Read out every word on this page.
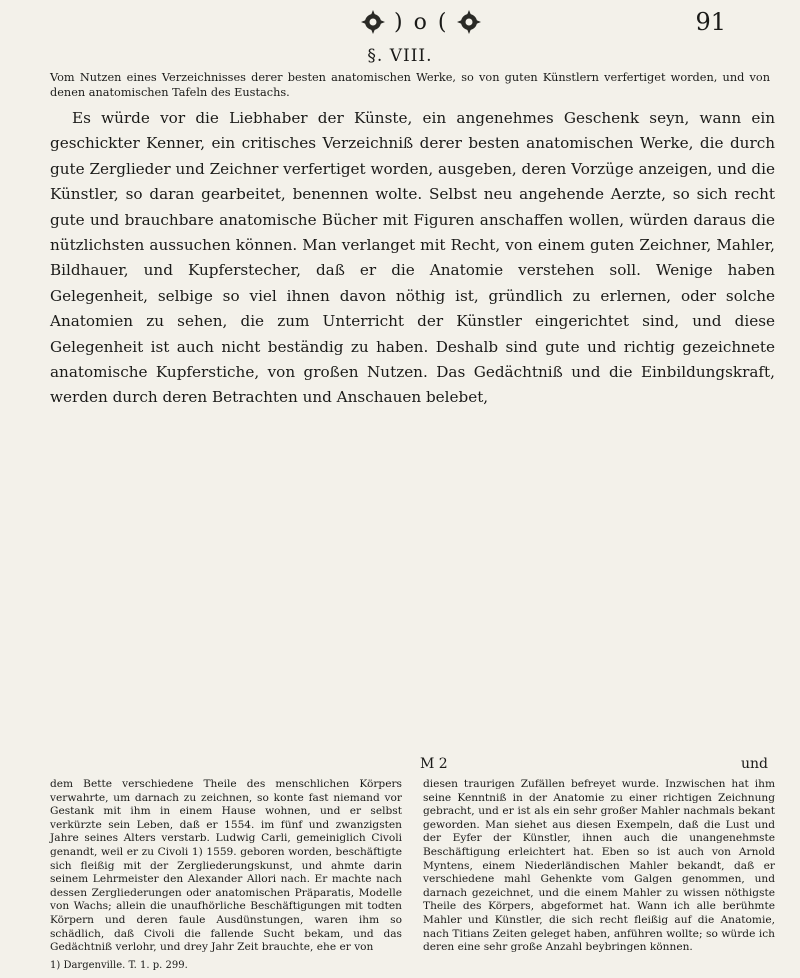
) o (	91
§. VIII.
Vom Nutzen eines Verzeichnisses derer besten anatomischen Werke, so von guten Künstlern verfertiget worden, und von denen anatomischen Tafeln des Eustachs.

Es würde vor die Liebhaber der Künste, ein angenehmes Geschenk seyn, wann ein geschickter Kenner, ein critisches Verzeichniß derer besten anatomischen Werke, die durch gute Zerglieder und Zeichner verfertiget worden, ausgeben, deren Vorzüge anzeigen, und die Künstler, so daran gearbeitet, benennen wolte. Selbst neu angehende Aerzte, so sich recht gute und brauchbare anatomische Bücher mit Figuren anschaffen wollen, würden daraus die nützlichsten aussuchen können. Man verlanget mit Recht, von einem guten Zeichner, Mahler, Bildhauer, und Kupferstecher, daß er die Anatomie verstehen soll. Wenige haben Gelegenheit, selbige so viel ihnen davon nöthig ist, gründlich zu erlernen, oder solche Anatomien zu sehen, die zum Unterricht der Künstler eingerichtet sind, und diese Gelegenheit ist auch nicht beständig zu haben. Deshalb sind gute und richtig gezeichnete anatomische Kupferstiche, von großen Nutzen. Das Gedächtniß und die Einbildungskraft, werden durch deren Betrachten und Anschauen belebet,

M 2	und

dem Bette verschiedene Theile des menschlichen Körpers verwahrte, um darnach zu zeichnen, so konte fast niemand vor Gestank mit ihm in einem Hause wohnen, und er selbst verkürzte sein Leben, daß er 1554. im fünf und zwanzigsten Jahre seines Alters verstarb. Ludwig Carli, gemeiniglich Civoli genandt, weil er zu Civoli 1) 1559. geboren worden, beschäftigte sich fleißig mit der Zergliederungskunst, und ahmte darin seinem Lehrmeister den Alexander Allori nach. Er machte nach dessen Zergliederungen oder anatomischen Präparatis, Modelle von Wachs; allein die unaufhörliche Beschäftigungen mit todten Körpern und deren faule Ausdünstungen, waren ihm so schädlich, daß Civoli die fallende Sucht bekam, und das Gedächtniß verlohr, und drey Jahr Zeit brauchte, ehe er von

diesen traurigen Zufällen befreyet wurde. Inzwischen hat ihm seine Kenntniß in der Anatomie zu einer richtigen Zeichnung gebracht, und er ist als ein sehr großer Mahler nachmals bekant geworden. Man siehet aus diesen Exempeln, daß die Lust und der Eyfer der Künstler, ihnen auch die unangenehmste Beschäftigung erleichtert hat. Eben so ist auch von Arnold Myntens, einem Niederländischen Mahler bekandt, daß er verschiedene mahl Gehenkte vom Galgen genommen, und darnach gezeichnet, und die einem Mahler zu wissen nöthigste Theile des Körpers, abgeformet hat. Wann ich alle berühmte Mahler und Künstler, die sich recht fleißig auf die Anatomie, nach Titians Zeiten geleget haben, anführen wollte; so würde ich deren eine sehr große Anzahl beybringen können.

1) Dargenville. T. 1. p. 299.
